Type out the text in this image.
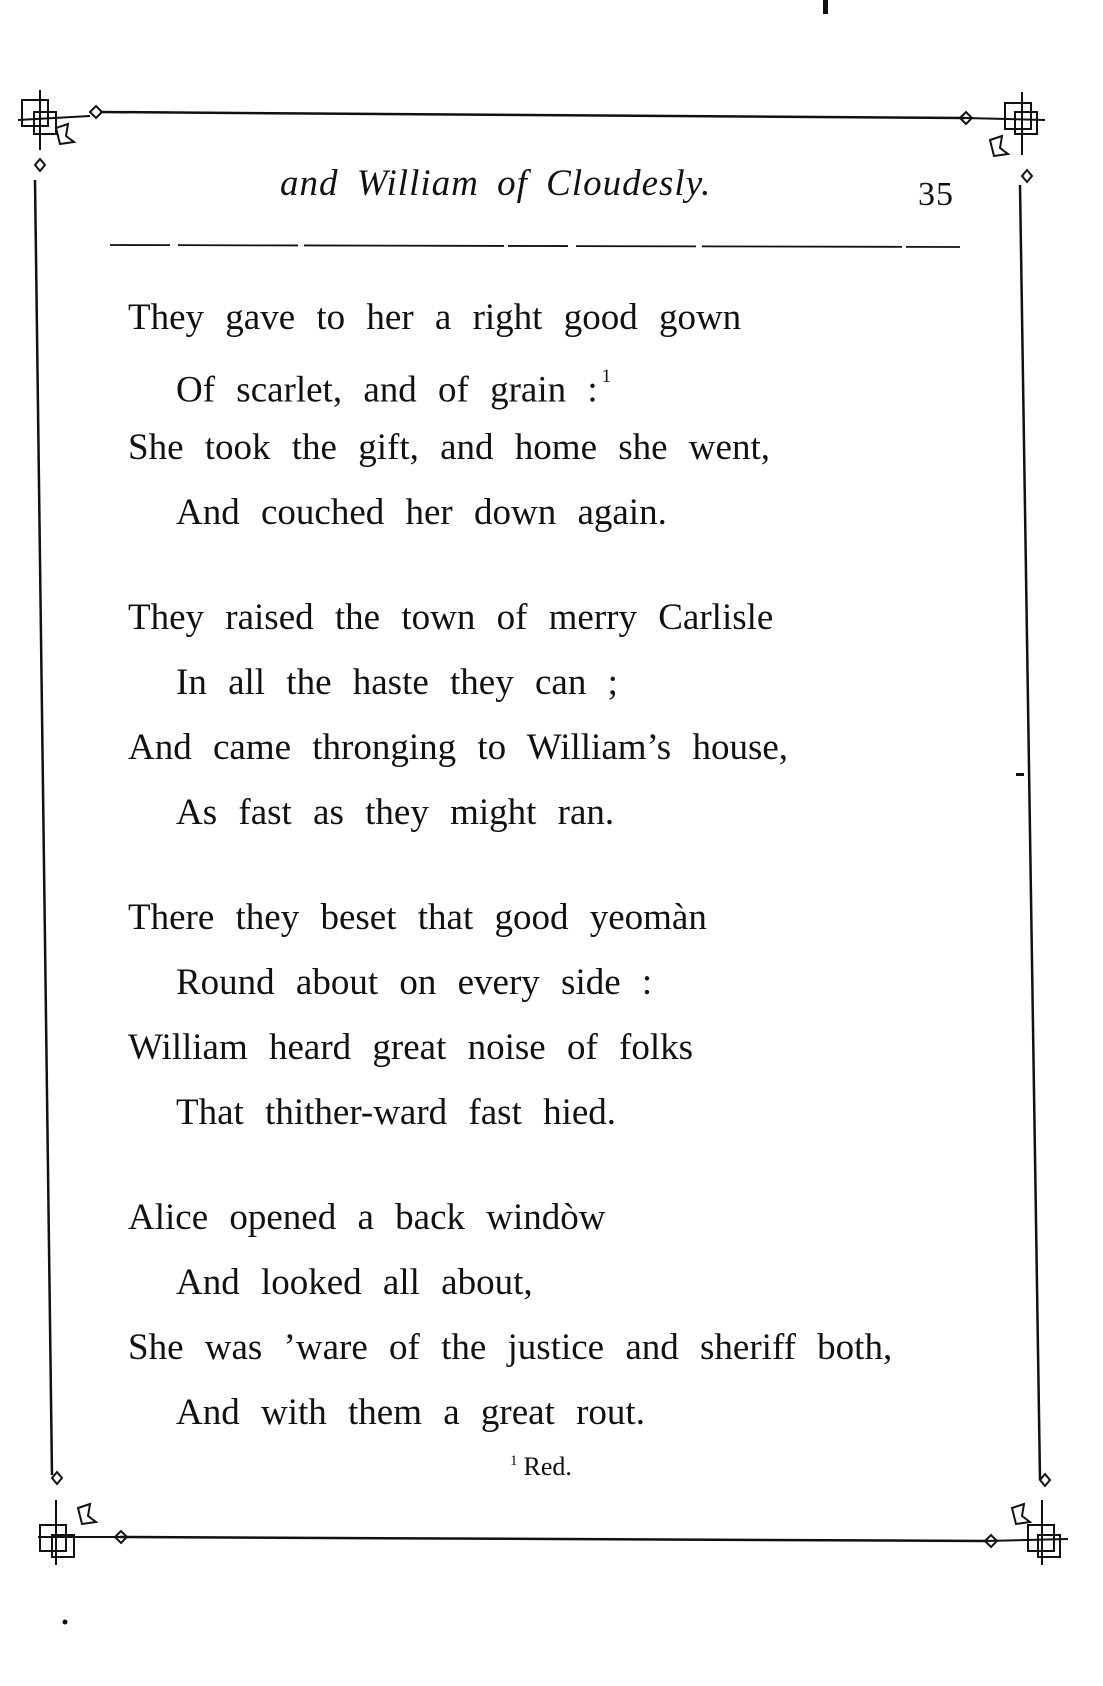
and William of Cloudesly.	35
They gave to her a right good gown
Of scarlet, and of grain : $^1$
She took the gift, and home she went,
And couched her down again.
They raised the town of merry Carlisle
In all the haste they can ;
And came thronging to William’s house,
As fast as they might ran.
There they beset that good yeomàn
Round about on every side :
William heard great noise of folks
That thither-ward fast hied.
Alice opened a back windòw
And looked all about,
She was ’ware of the justice and sheriff both,
And with them a great rout.
$^1$ Red.
